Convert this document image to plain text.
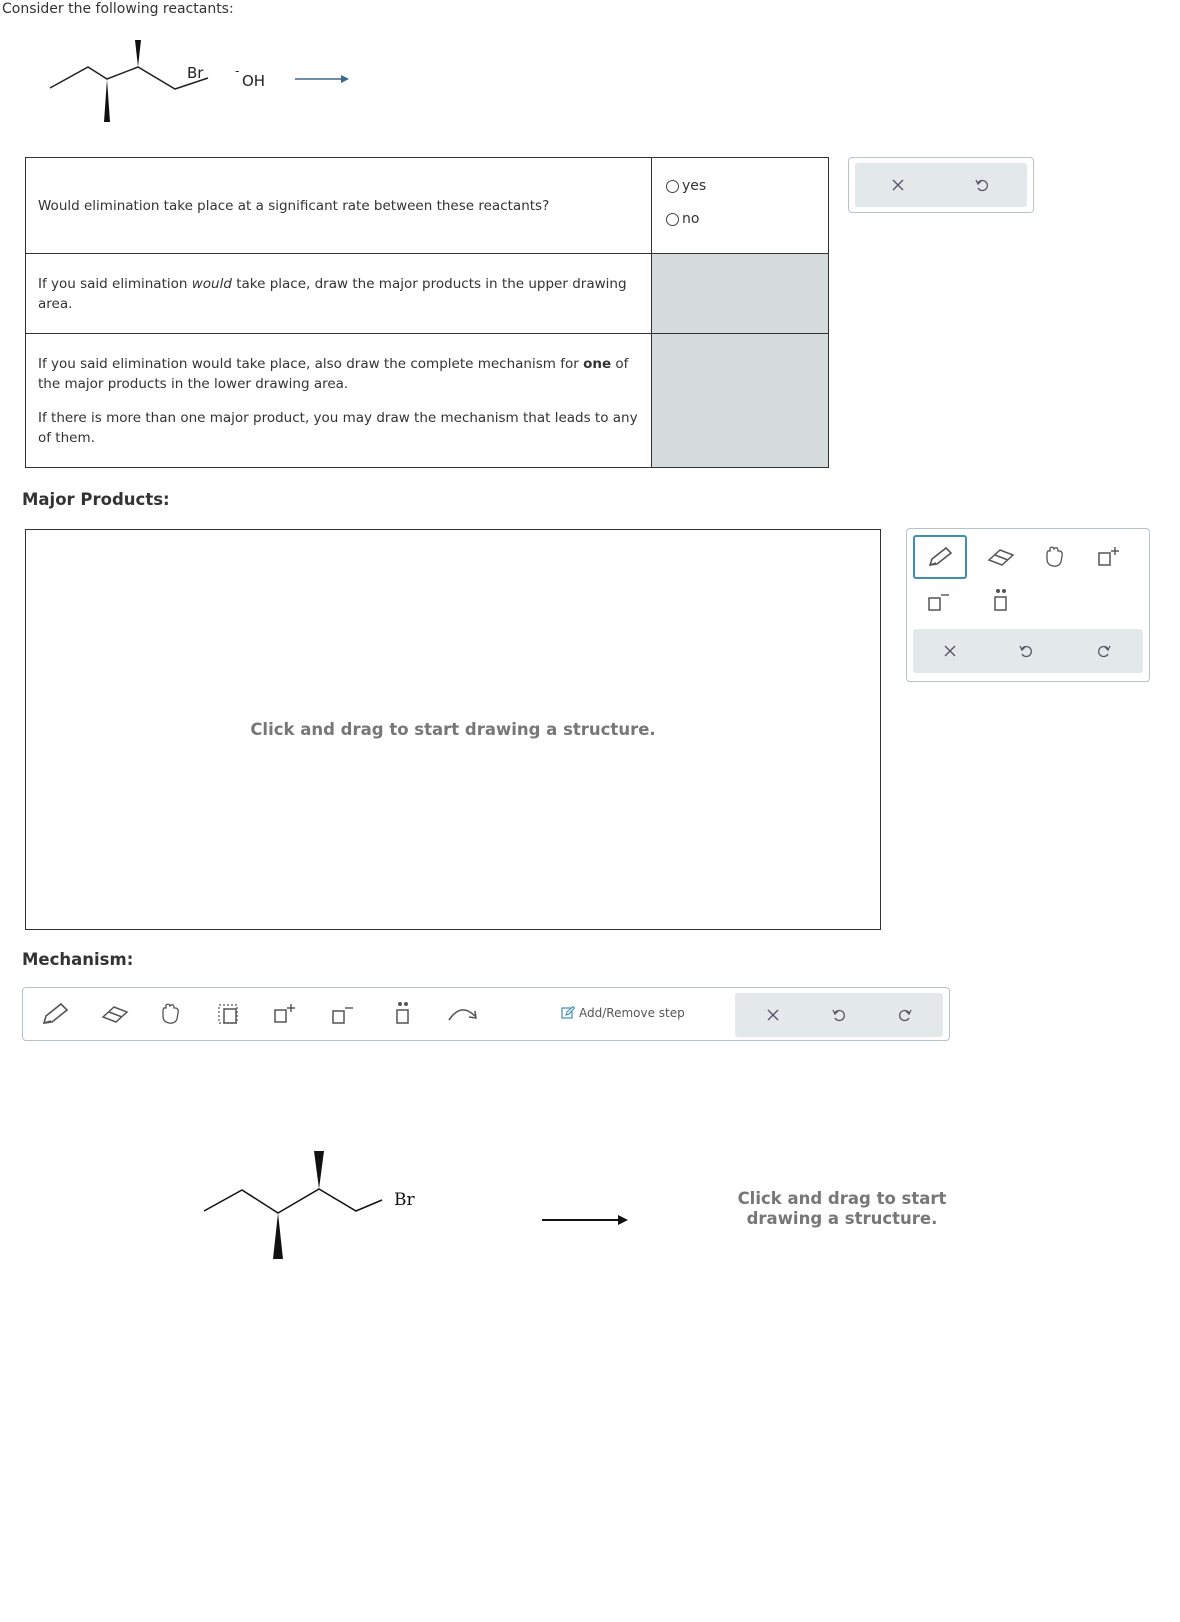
Consider the following reactants:
Br	-
OH

Would elimination take place at a significant rate between these reactants?

yes
no

If you said elimination would take place, draw the major products in the upper drawing area.

If you said elimination would take place, also draw the complete mechanism for one of the major products in the lower drawing area.

If there is more than one major product, you may draw the mechanism that leads to any of them.

Major Products:
Click and drag to start drawing a structure.
Mechanism:
Add/Remove step
Br	Click and drag to start
drawing a structure.
